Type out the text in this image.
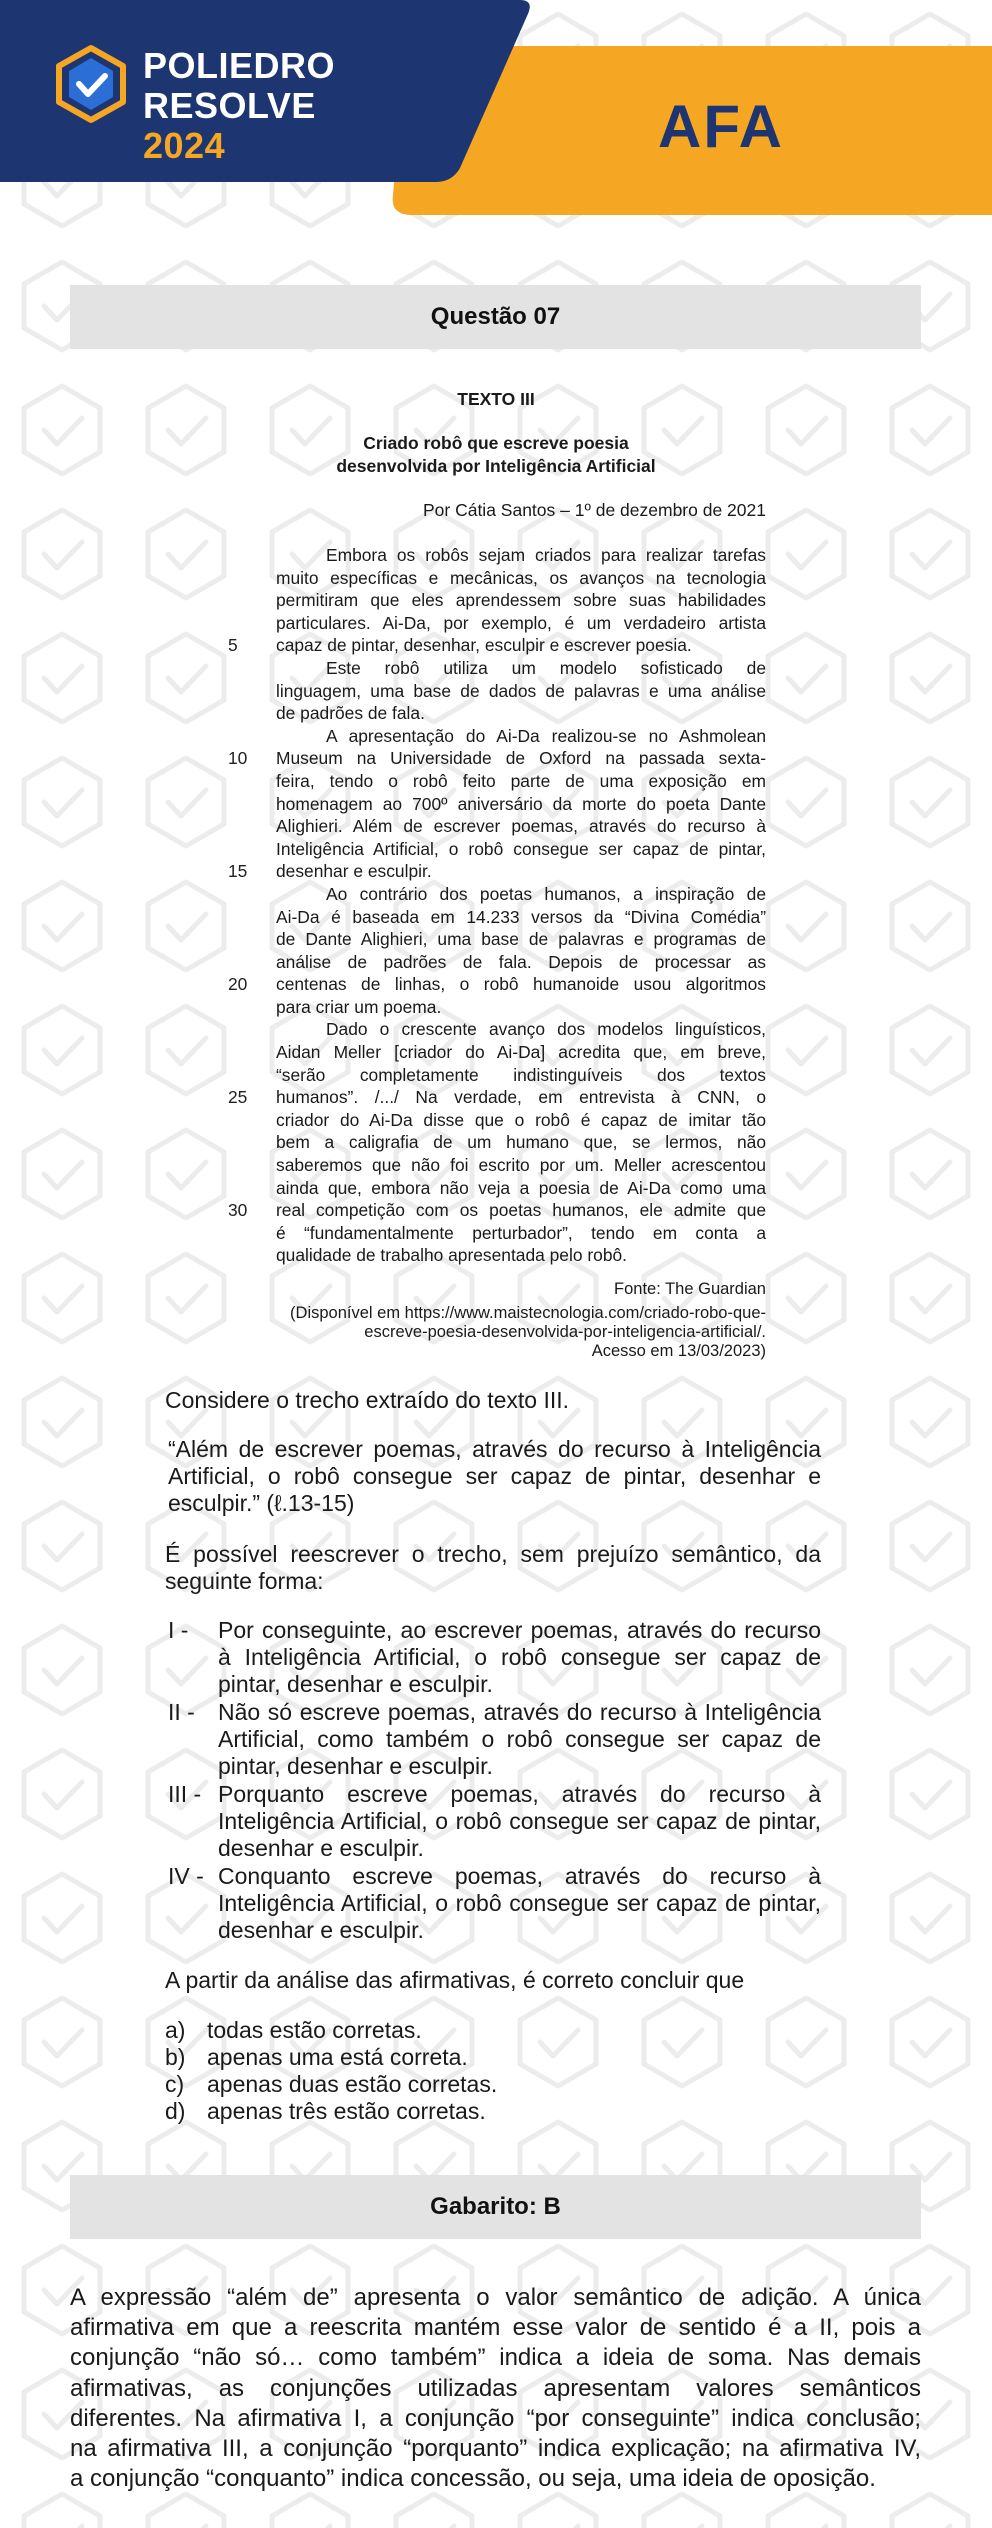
POLIEDRO
RESOLVE
2024	AFA
Questão 07
TEXTO III
Criado robô que escreve poesia
desenvolvida por Inteligência Artificial
Por Cátia Santos – 1º de dezembro de 2021
Embora os robôs sejam criados para realizar tarefas
muito específicas e mecânicas, os avanços na tecnologia
permitiram que eles aprendessem sobre suas habilidades
particulares. Ai-Da, por exemplo, é um verdadeiro artista
5	capaz de pintar, desenhar, esculpir e escrever poesia.
Este robô utiliza um modelo sofisticado de
linguagem, uma base de dados de palavras e uma análise
de padrões de fala.
A apresentação do Ai-Da realizou-se no Ashmolean
10	Museum na Universidade de Oxford na passada sexta-
feira, tendo o robô feito parte de uma exposição em
homenagem ao 700º aniversário da morte do poeta Dante
Alighieri. Além de escrever poemas, através do recurso à
Inteligência Artificial, o robô consegue ser capaz de pintar,
15	desenhar e esculpir.
Ao contrário dos poetas humanos, a inspiração de
Ai-Da é baseada em 14.233 versos da “Divina Comédia”
de Dante Alighieri, uma base de palavras e programas de
análise de padrões de fala. Depois de processar as
20	centenas de linhas, o robô humanoide usou algoritmos
para criar um poema.
Dado o crescente avanço dos modelos linguísticos,
Aidan Meller [criador do Ai-Da] acredita que, em breve,
“serão completamente indistinguíveis dos textos
25	humanos”. /.../ Na verdade, em entrevista à CNN, o
criador do Ai-Da disse que o robô é capaz de imitar tão
bem a caligrafia de um humano que, se lermos, não
saberemos que não foi escrito por um. Meller acrescentou
ainda que, embora não veja a poesia de Ai-Da como uma
30	real competição com os poetas humanos, ele admite que
é “fundamentalmente perturbador”, tendo em conta a
qualidade de trabalho apresentada pelo robô.
Fonte: The Guardian
(Disponível em https://www.maistecnologia.com/criado-robo-que-
escreve-poesia-desenvolvida-por-inteligencia-artificial/.
Acesso em 13/03/2023)
Considere o trecho extraído do texto III.
“Além de escrever poemas, através do recurso à Inteligência Artificial, o robô consegue ser capaz de pintar, desenhar e esculpir.” (ℓ.13-15)
É possível reescrever o trecho, sem prejuízo semântico, da seguinte forma:
I -	Por conseguinte, ao escrever poemas, através do recurso à Inteligência Artificial, o robô consegue ser capaz de pintar, desenhar e esculpir.
II -	Não só escreve poemas, através do recurso à Inteligência Artificial, como também o robô consegue ser capaz de pintar, desenhar e esculpir.
III - Porquanto escreve poemas, através do recurso à Inteligência Artificial, o robô consegue ser capaz de pintar, desenhar e esculpir.
IV - Conquanto escreve poemas, através do recurso à Inteligência Artificial, o robô consegue ser capaz de pintar, desenhar e esculpir.
A partir da análise das afirmativas, é correto concluir que
a) todas estão corretas.
b) apenas uma está correta.
c) apenas duas estão corretas.
d) apenas três estão corretas.
Gabarito: B
A expressão “além de” apresenta o valor semântico de adição. A única
afirmativa em que a reescrita mantém esse valor de sentido é a II, pois a
conjunção “não só… como também” indica a ideia de soma. Nas demais
afirmativas, as conjunções utilizadas apresentam valores semânticos
diferentes. Na afirmativa I, a conjunção “por conseguinte” indica conclusão;
na afirmativa III, a conjunção “porquanto” indica explicação; na afirmativa IV,
a conjunção “conquanto” indica concessão, ou seja, uma ideia de oposição.
